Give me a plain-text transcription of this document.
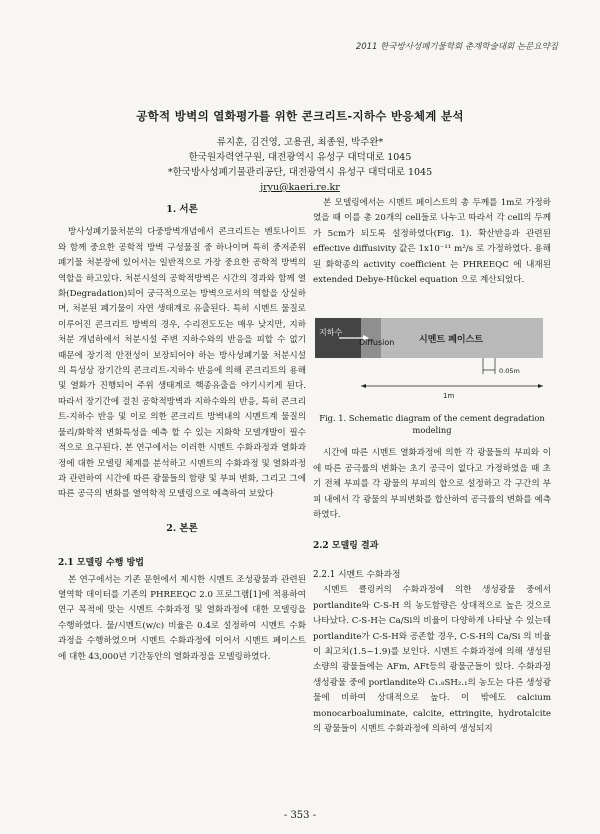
2011 한국방사성폐기물학회 춘계학술대회 논문요약집
공학적 방벽의 열화평가를 위한 콘크리트-지하수 반응체계 분석
류지훈, 김건영, 고용권, 최종원, 박주완*
한국원자력연구원, 대전광역시 유성구 대덕대로 1045
*한국방사성폐기물관리공단, 대전광역시 유성구 대덕대로 1045
jryu@kaeri.re.kr
1. 서론

방사성폐기물처분의 다중방벽개념에서 콘크리트는 벤토나이트와 함께 중요한 공학적 방벽 구성물질 중 하나이며 특히 중저준위폐기물 처분장에 있어서는 일반적으로 가장 중요한 공학적 방벽의 역할을 하고있다. 처분시설의 공학적방벽은 시간의 경과와 함께 열화(Degradation)되어 궁극적으로는 방벽으로서의 역할을 상실하며, 처분된 폐기물이 자연 생태계로 유출된다. 특히 시멘트 물질로 이루어진 콘크리트 방벽의 경우, 수리전도도는 매우 낮지만, 지하처분 개념하에서 처분시설 주변 지하수와의 반응을 피할 수 없기 때문에 장기적 안전성이 보장되어야 하는 방사성폐기물 처분시설의 특성상 장기간의 콘크리트-지하수 반응에 의해 콘크리트의 용해 및 열화가 진행되어 주위 생태계로 핵종유출을 야기시키게 된다. 따라서 장기간에 걸친 공학적방벽과 지하수와의 반응, 특히 콘크리트-지하수 반응 및 이로 의한 콘크리트 방벽내의 시멘트계 물질의 물리/화학적 변화특성을 예측 할 수 있는 지화학 모델개발이 필수적으로 요구된다. 본 연구에서는 이러한 시멘트 수화과정과 열화과정에 대한 모델링 체계를 분석하고 시멘트의 수화과정 및 열화과정과 관련하여 시간에 따른 광물들의 함량 및 부피 변화, 그리고 그에 따른 공극의 변화를 열역학적 모델링으로 예측하여 보았다

2. 본론
2.1 모델링 수행 방법

본 연구에서는 기존 문헌에서 제시한 시멘트 조성광물과 관련된 열역학 데이터를 기존의 PHREEQC 2.0 프로그램[1]에 적용하여 연구 목적에 맞는 시멘트 수화과정 및 열화과정에 대한 모델링을 수행하였다. 물/시멘트(w/c) 비율은 0.4로 설정하여 시멘트 수화과정을 수행하였으며 시멘트 수화과정에 이어서 시멘트 페이스트에 대한 43,000년 기간동안의 열화과정을 모델링하였다.

본 모델링에서는 시멘트 페이스트의 총 두께를 1m로 가정하였을 때 이를 총 20개의 cell들로 나누고 따라서 각 cell의 두께가 5cm가 되도록 설정하였다(Fig. 1). 확산반응과 관련된 effective diffusivity 값은 1x10⁻¹¹ m²/s 로 가정하였다. 용해된 화학종의 activity coefficient 는 PHREEQC 에 내재된 extended Debye-Hückel equation 으로 계산되었다.

지하수
Diffusion	시멘트 페이스트
0.05m
1m
Fig. 1. Schematic diagram of the cement degradation modeling

시간에 따른 시멘트 열화과정에 의한 각 광물들의 부피와 이에 따른 공극률의 변화는 초기 공극이 없다고 가정하였을 때 초기 전체 부피를 각 광물의 부피의 합으로 설정하고 각 구간의 부피 내에서 각 광물의 부피변화를 합산하여 공극률의 변화를 예측하였다.

2.2 모델링 결과
2.2.1 시멘트 수화과정

시멘트 클링커의 수화과정에 의한 생성광물 중에서 portlandite와 C-S-H 의 농도함량은 상대적으로 높은 것으로 나타났다. C-S-H는 Ca/Si의 비율이 다양하게 나타날 수 있는데 portlandite가 C-S-H와 공존할 경우, C-S-H의 Ca/Si 의 비율이 최고치(1.5~1.9)를 보인다. 시멘트 수화과정에 의해 생성된 소량의 광물들에는 AFm, AFt등의 광물군들이 있다. 수화과정 생성광물 중에 portlandite와 C₁.₈SH₂.₁의 농도는 다른 생성광물에 비하여 상대적으로 높다. 이 밖에도 calcium monocarboaluminate, calcite, ettringite, hydrotalcite 의 광물들이 시멘트 수화과정에 의하여 생성되지

- 353 -
